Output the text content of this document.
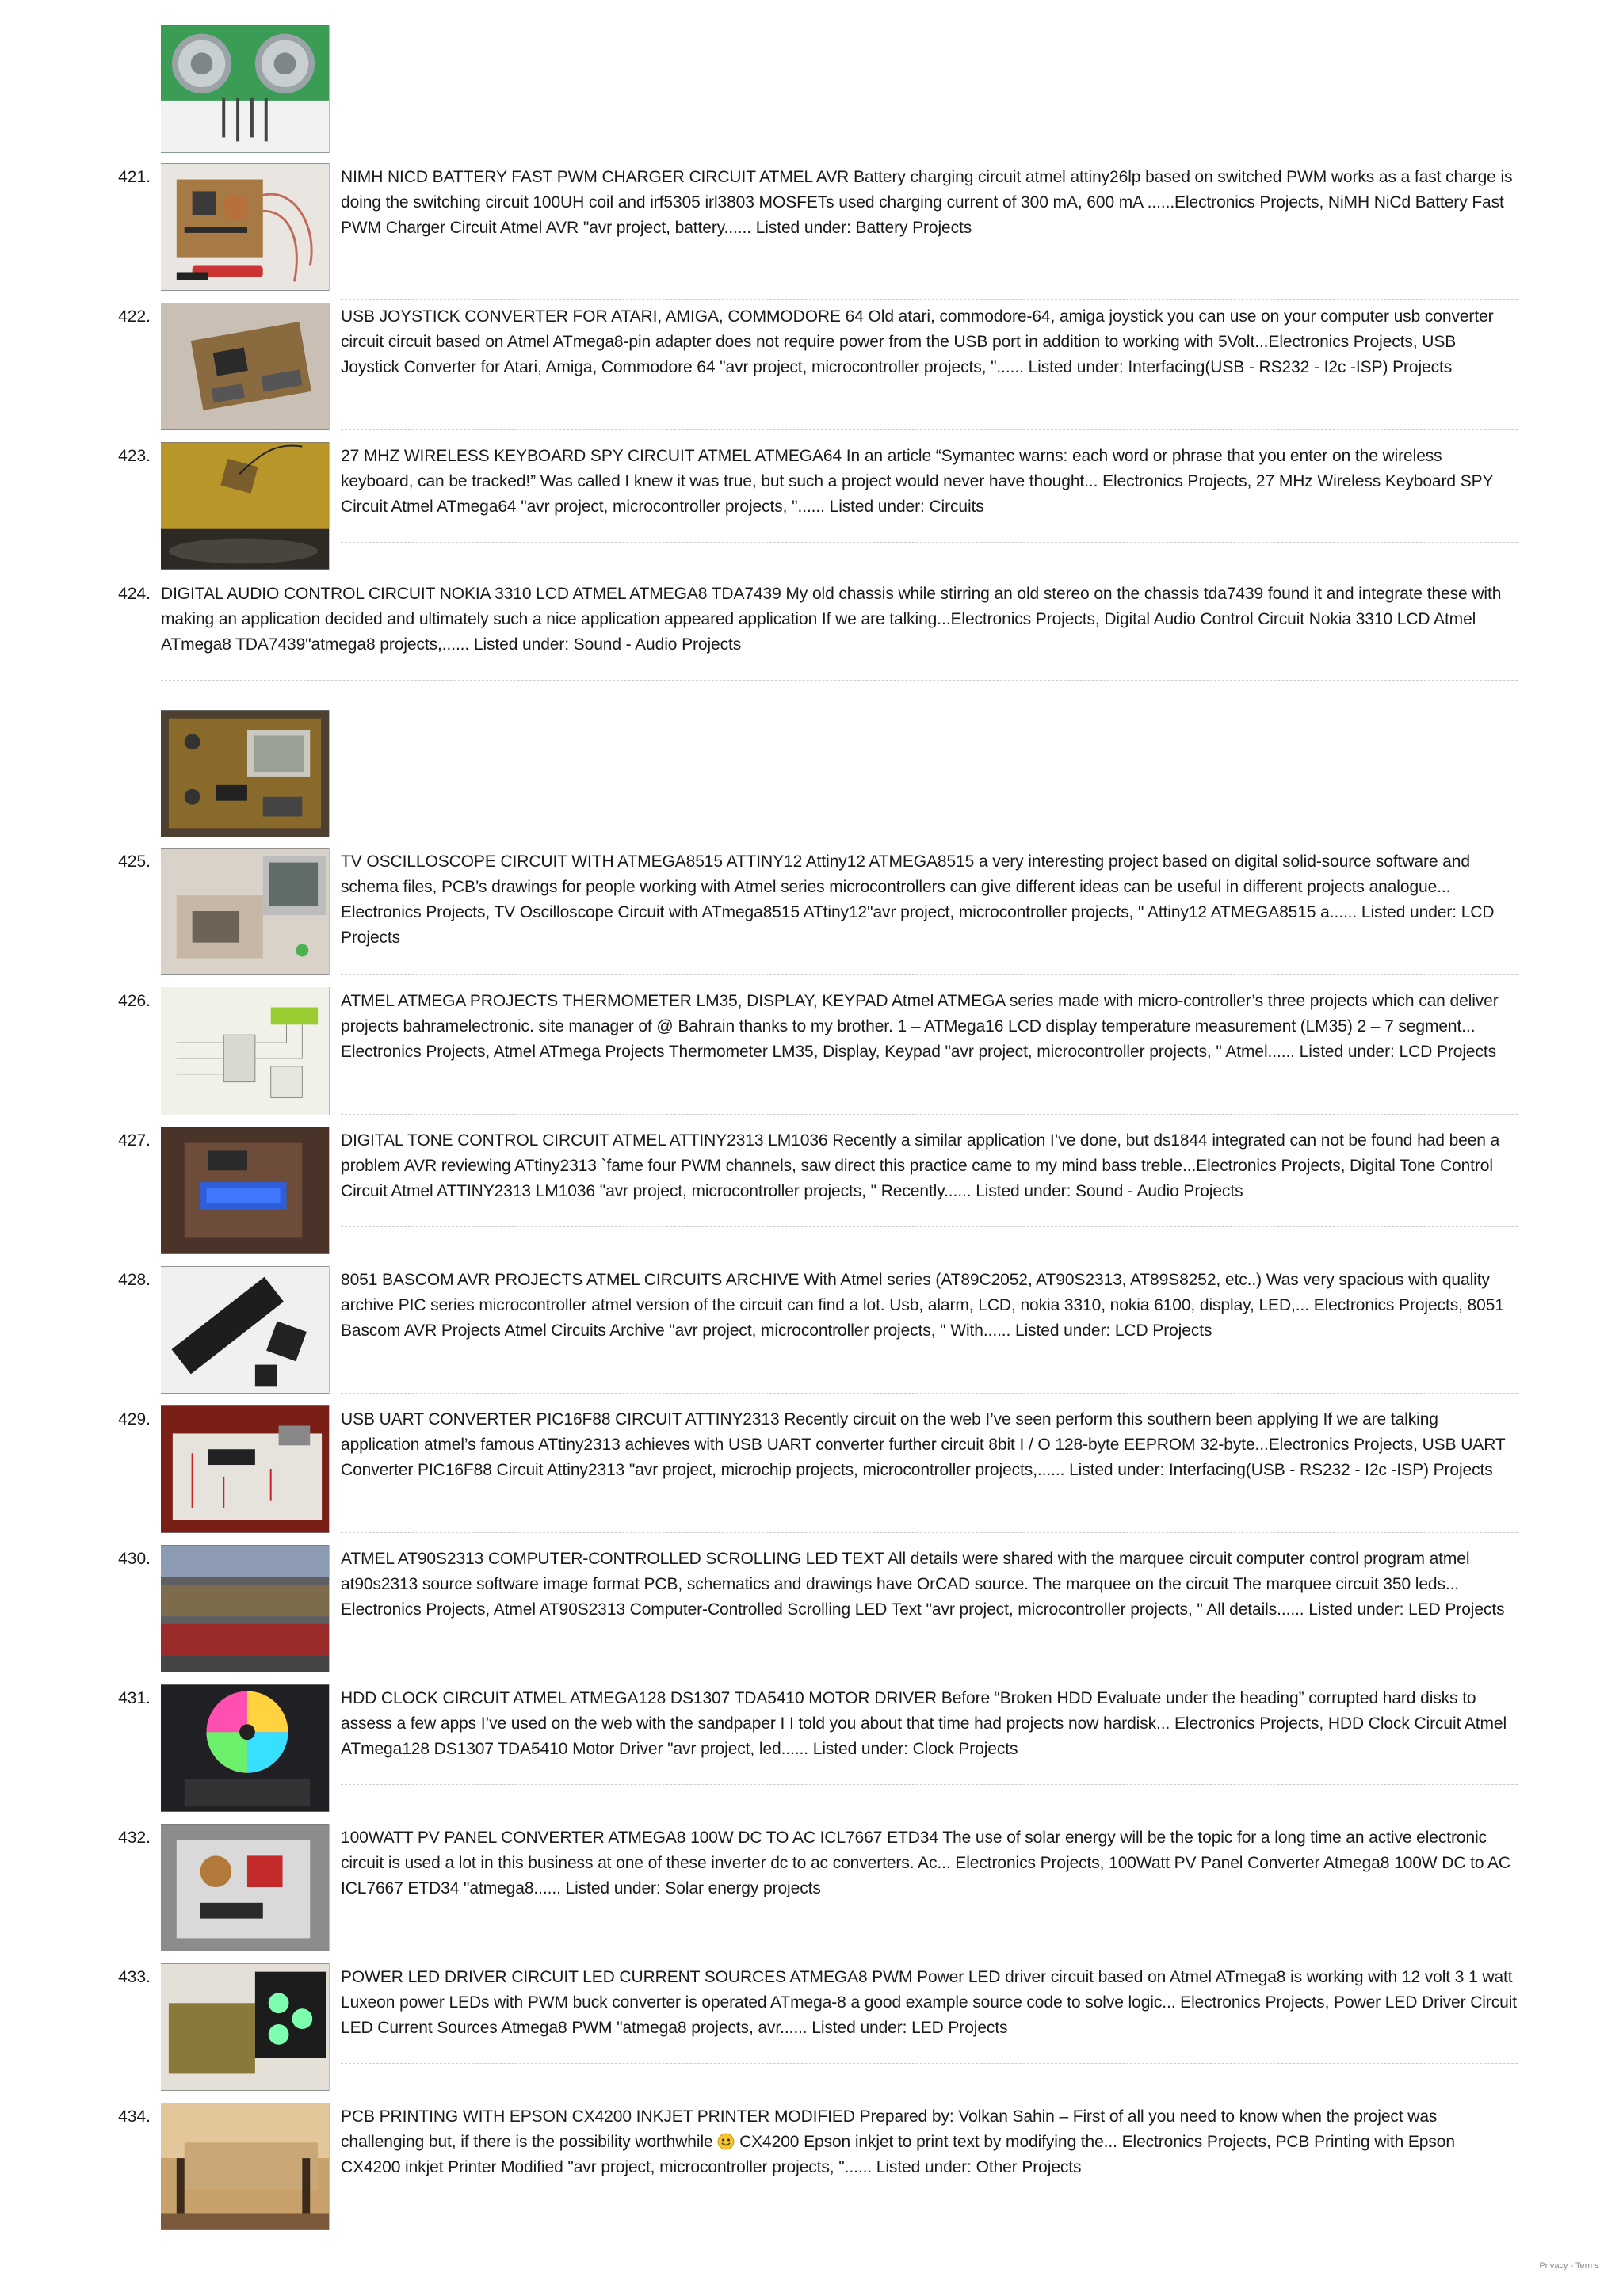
421.	NIMH NICD BATTERY FAST PWM CHARGER CIRCUIT ATMEL AVR Battery charging circuit atmel attiny26lp based on switched PWM works as a fast charge is doing the switching circuit 100UH coil and irf5305 irl3803 MOSFETs used charging current of 300 mA, 600 mA ......Electronics Projects, NiMH NiCd Battery Fast PWM Charger Circuit Atmel AVR "avr project, battery...... Listed under: Battery Projects

422.	USB JOYSTICK CONVERTER FOR ATARI, AMIGA, COMMODORE 64 Old atari, commodore-64, amiga joystick you can use on your computer usb converter circuit circuit based on Atmel ATmega8-pin adapter does not require power from the USB port in addition to working with 5Volt...Electronics Projects, USB Joystick Converter for Atari, Amiga, Commodore 64 "avr project, microcontroller projects, "...... Listed under: Interfacing(USB - RS232 - I2c -ISP) Projects

423.	27 MHZ WIRELESS KEYBOARD SPY CIRCUIT ATMEL ATMEGA64 In an article “Symantec warns: each word or phrase that you enter on the wireless keyboard, can be tracked!” Was called I knew it was true, but such a project would never have thought... Electronics Projects, 27 MHz Wireless Keyboard SPY Circuit Atmel ATmega64 "avr project, microcontroller projects, "...... Listed under: Circuits

424. DIGITAL AUDIO CONTROL CIRCUIT NOKIA 3310 LCD ATMEL ATMEGA8 TDA7439 My old chassis while stirring an old stereo on the chassis tda7439 found it and integrate these with making an application decided and ultimately such a nice application appeared application If we are talking...Electronics Projects, Digital Audio Control Circuit Nokia 3310 LCD Atmel ATmega8 TDA7439"atmega8 projects,...... Listed under: Sound - Audio Projects

425.	TV OSCILLOSCOPE CIRCUIT WITH ATMEGA8515 ATTINY12 Attiny12 ATMEGA8515 a very interesting project based on digital solid-source software and schema files, PCB’s drawings for people working with Atmel series microcontrollers can give different ideas can be useful in different projects analogue... Electronics Projects, TV Oscilloscope Circuit with ATmega8515 ATtiny12"avr project, microcontroller projects, " Attiny12 ATMEGA8515 a...... Listed under: LCD Projects

426.	ATMEL ATMEGA PROJECTS THERMOMETER LM35, DISPLAY, KEYPAD Atmel ATMEGA series made with micro-controller’s three projects which can deliver projects bahramelectronic. site manager of @ Bahrain thanks to my brother. 1 – ATMega16 LCD display temperature measurement (LM35) 2 – 7 segment... Electronics Projects, Atmel ATmega Projects Thermometer LM35, Display, Keypad "avr project, microcontroller projects, " Atmel...... Listed under: LCD Projects

427.	DIGITAL TONE CONTROL CIRCUIT ATMEL ATTINY2313 LM1036 Recently a similar application I’ve done, but ds1844 integrated can not be found had been a problem AVR reviewing ATtiny2313 `fame four PWM channels, saw direct this practice came to my mind bass treble...Electronics Projects, Digital Tone Control Circuit Atmel ATTINY2313 LM1036 "avr project, microcontroller projects, " Recently...... Listed under: Sound - Audio Projects

428.	8051 BASCOM AVR PROJECTS ATMEL CIRCUITS ARCHIVE With Atmel series (AT89C2052, AT90S2313, AT89S8252, etc..) Was very spacious with quality archive PIC series microcontroller atmel version of the circuit can find a lot. Usb, alarm, LCD, nokia 3310, nokia 6100, display, LED,... Electronics Projects, 8051 Bascom AVR Projects Atmel Circuits Archive "avr project, microcontroller projects, " With...... Listed under: LCD Projects

429.	USB UART CONVERTER PIC16F88 CIRCUIT ATTINY2313 Recently circuit on the web I’ve seen perform this southern been applying If we are talking application atmel’s famous ATtiny2313 achieves with USB UART converter further circuit 8bit I / O 128-byte EEPROM 32-byte...Electronics Projects, USB UART Converter PIC16F88 Circuit Attiny2313 "avr project, microchip projects, microcontroller projects,...... Listed under: Interfacing(USB - RS232 - I2c -ISP) Projects

430.	ATMEL AT90S2313 COMPUTER-CONTROLLED SCROLLING LED TEXT All details were shared with the marquee circuit computer control program atmel at90s2313 source software image format PCB, schematics and drawings have OrCAD source. The marquee on the circuit The marquee circuit 350 leds... Electronics Projects, Atmel AT90S2313 Computer-Controlled Scrolling LED Text "avr project, microcontroller projects, " All details...... Listed under: LED Projects

431.	HDD CLOCK CIRCUIT ATMEL ATMEGA128 DS1307 TDA5410 MOTOR DRIVER Before “Broken HDD Evaluate under the heading” corrupted hard disks to assess a few apps I’ve used on the web with the sandpaper I I told you about that time had projects now hardisk... Electronics Projects, HDD Clock Circuit Atmel ATmega128 DS1307 TDA5410 Motor Driver "avr project, led...... Listed under: Clock Projects

432.	100WATT PV PANEL CONVERTER ATMEGA8 100W DC TO AC ICL7667 ETD34 The use of solar energy will be the topic for a long time an active electronic circuit is used a lot in this business at one of these inverter dc to ac converters. Ac... Electronics Projects, 100Watt PV Panel Converter Atmega8 100W DC to AC ICL7667 ETD34 "atmega8...... Listed under: Solar energy projects

433.	POWER LED DRIVER CIRCUIT LED CURRENT SOURCES ATMEGA8 PWM Power LED driver circuit based on Atmel ATmega8 is working with 12 volt 3 1 watt Luxeon power LEDs with PWM buck converter is operated ATmega-8 a good example source code to solve logic... Electronics Projects, Power LED Driver Circuit LED Current Sources Atmega8 PWM "atmega8 projects, avr...... Listed under: LED Projects

434.	PCB PRINTING WITH EPSON CX4200 INKJET PRINTER MODIFIED Prepared by: Volkan Sahin – First of all you need to know when the project was challenging but, if there is the possibility worthwhile  CX4200 Epson inkjet to print text by modifying the... Electronics Projects, PCB Printing with Epson CX4200 inkjet Printer Modified "avr project, microcontroller projects, "...... Listed under: Other Projects

Privacy - Terms
